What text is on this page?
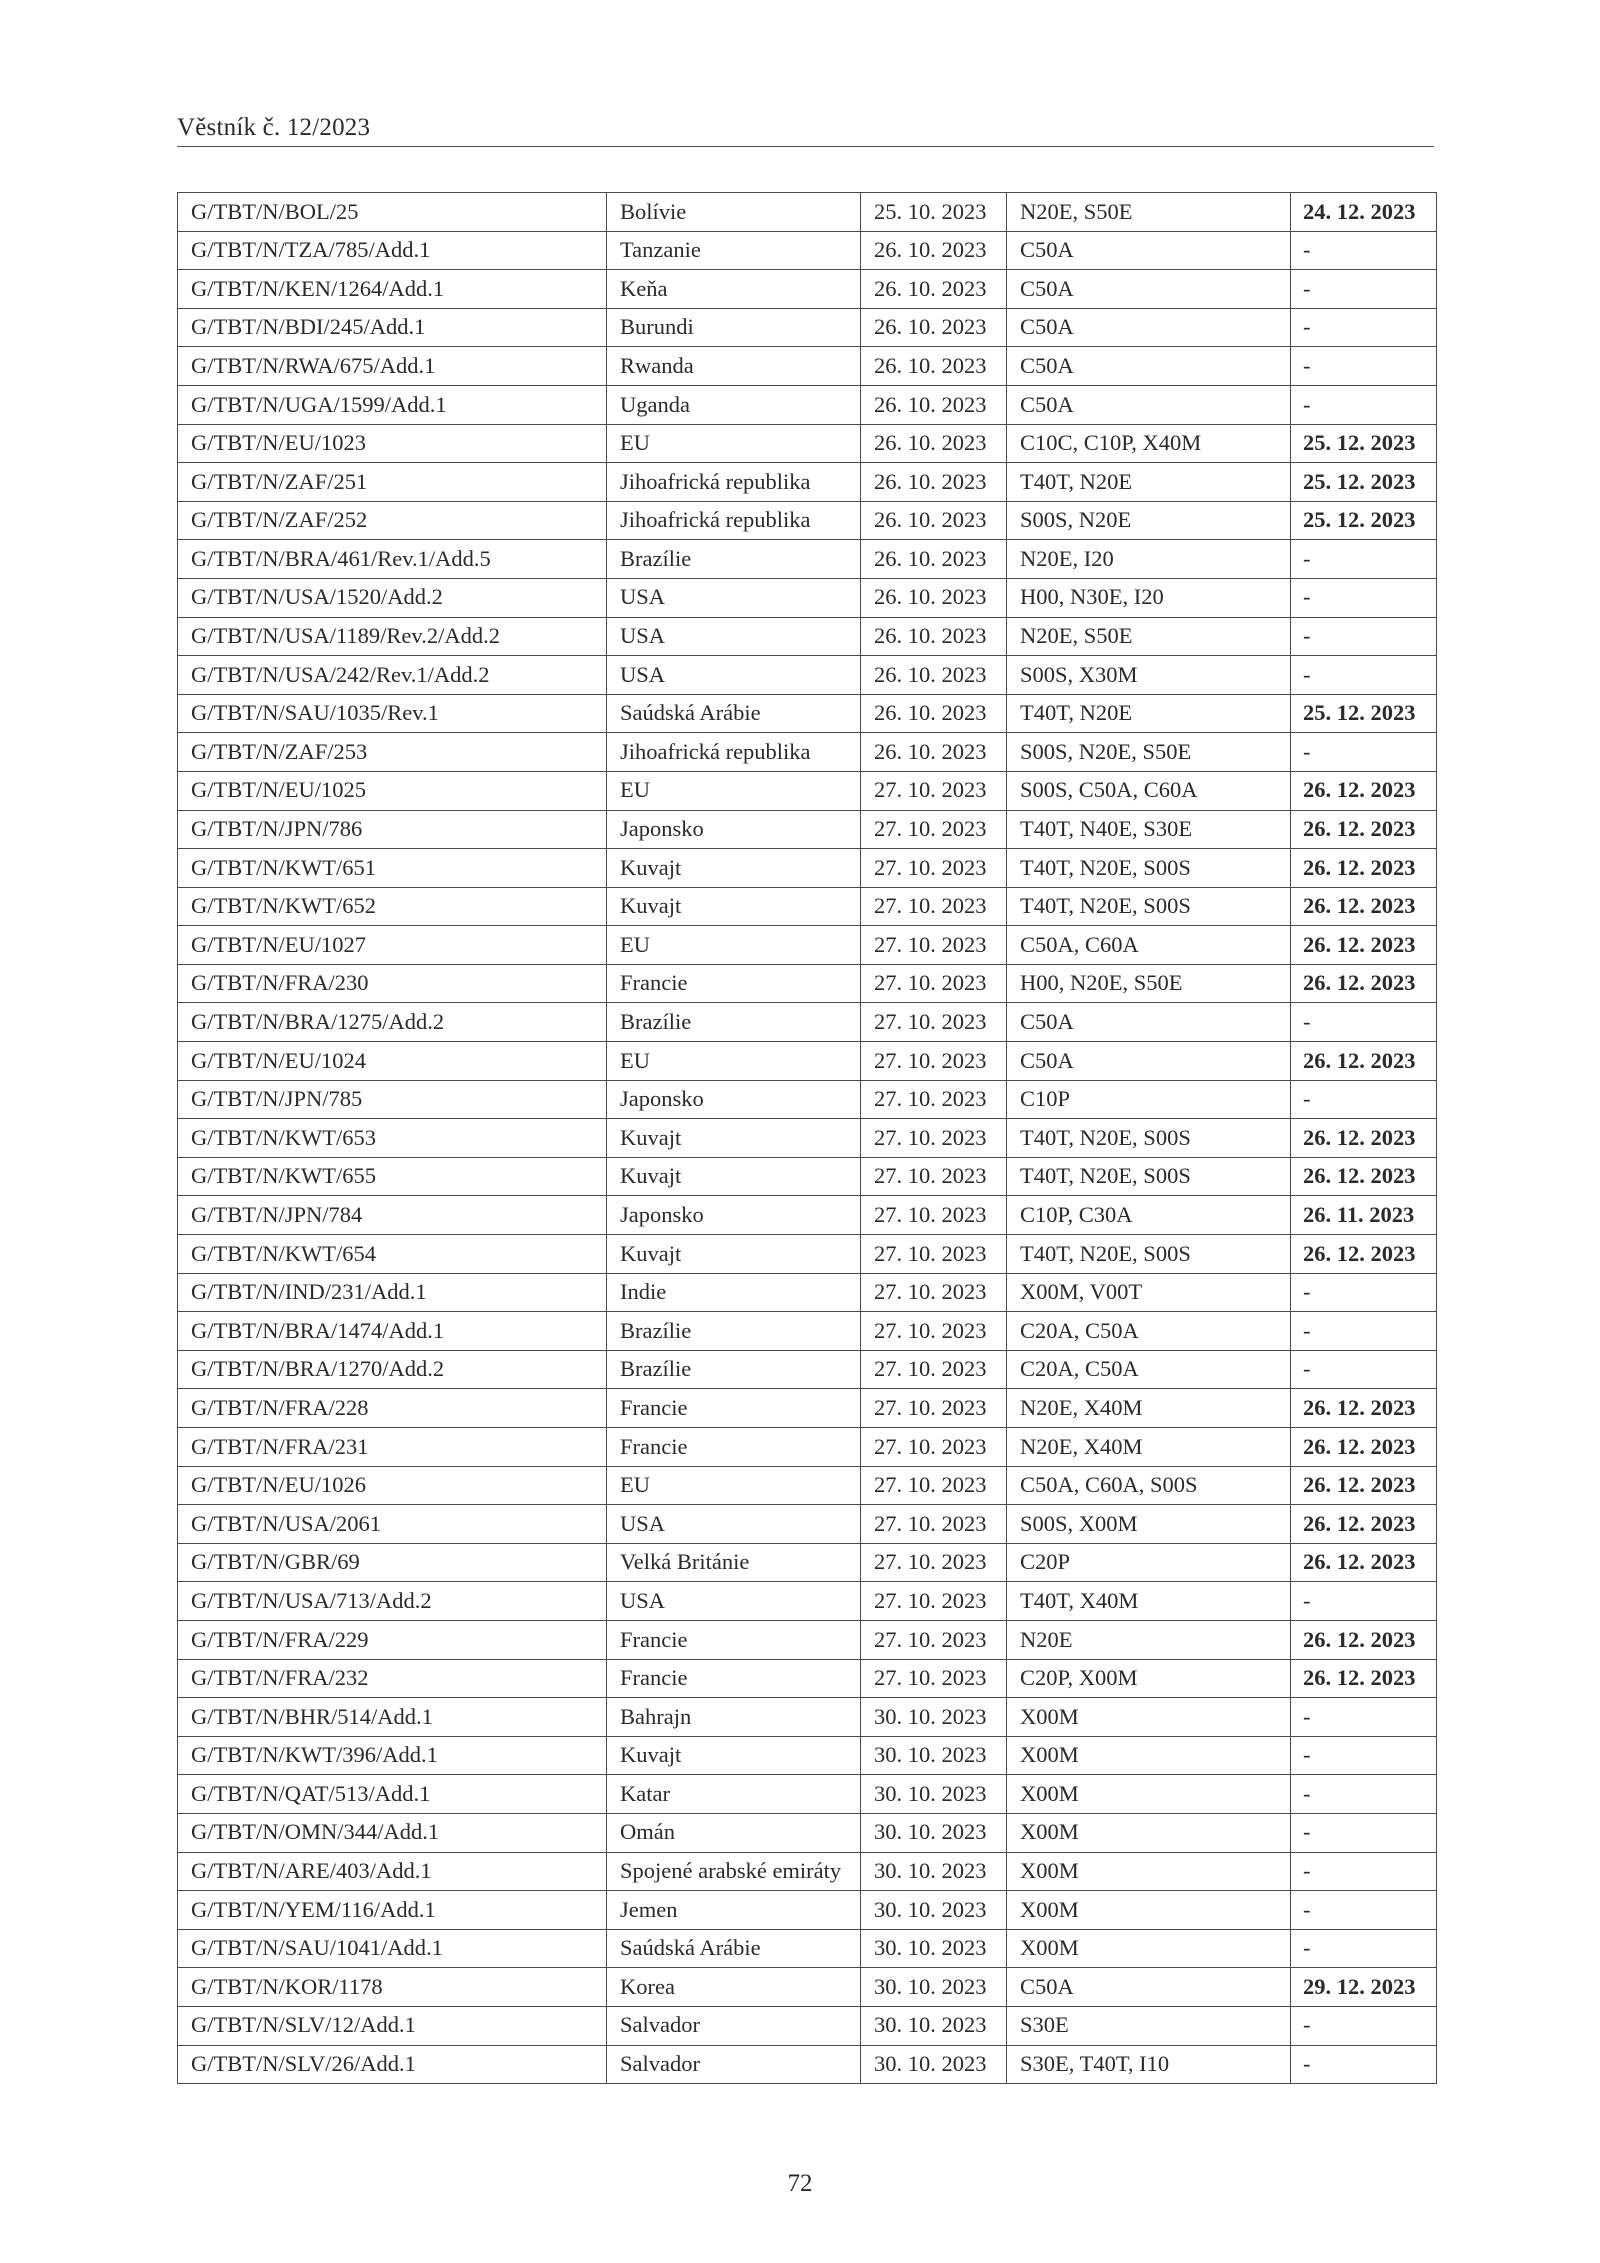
Věstník č. 12/2023
G/TBT/N/BOL/25	Bolívie	25. 10. 2023	N20E, S50E	24. 12. 2023
G/TBT/N/TZA/785/Add.1	Tanzanie	26. 10. 2023	C50A	-
G/TBT/N/KEN/1264/Add.1	Keňa	26. 10. 2023	C50A	-
G/TBT/N/BDI/245/Add.1	Burundi	26. 10. 2023	C50A	-
G/TBT/N/RWA/675/Add.1	Rwanda	26. 10. 2023	C50A	-
G/TBT/N/UGA/1599/Add.1	Uganda	26. 10. 2023	C50A	-
G/TBT/N/EU/1023	EU	26. 10. 2023	C10C, C10P, X40M	25. 12. 2023
G/TBT/N/ZAF/251	Jihoafrická republika	26. 10. 2023	T40T, N20E	25. 12. 2023
G/TBT/N/ZAF/252	Jihoafrická republika	26. 10. 2023	S00S, N20E	25. 12. 2023
G/TBT/N/BRA/461/Rev.1/Add.5	Brazílie	26. 10. 2023	N20E, I20	-
G/TBT/N/USA/1520/Add.2	USA	26. 10. 2023	H00, N30E, I20	-
G/TBT/N/USA/1189/Rev.2/Add.2	USA	26. 10. 2023	N20E, S50E	-
G/TBT/N/USA/242/Rev.1/Add.2	USA	26. 10. 2023	S00S, X30M	-
G/TBT/N/SAU/1035/Rev.1	Saúdská Arábie	26. 10. 2023	T40T, N20E	25. 12. 2023
G/TBT/N/ZAF/253	Jihoafrická republika	26. 10. 2023	S00S, N20E, S50E	-
G/TBT/N/EU/1025	EU	27. 10. 2023	S00S, C50A, C60A	26. 12. 2023
G/TBT/N/JPN/786	Japonsko	27. 10. 2023	T40T, N40E, S30E	26. 12. 2023
G/TBT/N/KWT/651	Kuvajt	27. 10. 2023	T40T, N20E, S00S	26. 12. 2023
G/TBT/N/KWT/652	Kuvajt	27. 10. 2023	T40T, N20E, S00S	26. 12. 2023
G/TBT/N/EU/1027	EU	27. 10. 2023	C50A, C60A	26. 12. 2023
G/TBT/N/FRA/230	Francie	27. 10. 2023	H00, N20E, S50E	26. 12. 2023
G/TBT/N/BRA/1275/Add.2	Brazílie	27. 10. 2023	C50A	-
G/TBT/N/EU/1024	EU	27. 10. 2023	C50A	26. 12. 2023
G/TBT/N/JPN/785	Japonsko	27. 10. 2023	C10P	-
G/TBT/N/KWT/653	Kuvajt	27. 10. 2023	T40T, N20E, S00S	26. 12. 2023
G/TBT/N/KWT/655	Kuvajt	27. 10. 2023	T40T, N20E, S00S	26. 12. 2023
G/TBT/N/JPN/784	Japonsko	27. 10. 2023	C10P, C30A	26. 11. 2023
G/TBT/N/KWT/654	Kuvajt	27. 10. 2023	T40T, N20E, S00S	26. 12. 2023
G/TBT/N/IND/231/Add.1	Indie	27. 10. 2023	X00M, V00T	-
G/TBT/N/BRA/1474/Add.1	Brazílie	27. 10. 2023	C20A, C50A	-
G/TBT/N/BRA/1270/Add.2	Brazílie	27. 10. 2023	C20A, C50A	-
G/TBT/N/FRA/228	Francie	27. 10. 2023	N20E, X40M	26. 12. 2023
G/TBT/N/FRA/231	Francie	27. 10. 2023	N20E, X40M	26. 12. 2023
G/TBT/N/EU/1026	EU	27. 10. 2023	C50A, C60A, S00S	26. 12. 2023
G/TBT/N/USA/2061	USA	27. 10. 2023	S00S, X00M	26. 12. 2023
G/TBT/N/GBR/69	Velká Británie	27. 10. 2023	C20P	26. 12. 2023
G/TBT/N/USA/713/Add.2	USA	27. 10. 2023	T40T, X40M	-
G/TBT/N/FRA/229	Francie	27. 10. 2023	N20E	26. 12. 2023
G/TBT/N/FRA/232	Francie	27. 10. 2023	C20P, X00M	26. 12. 2023
G/TBT/N/BHR/514/Add.1	Bahrajn	30. 10. 2023	X00M	-
G/TBT/N/KWT/396/Add.1	Kuvajt	30. 10. 2023	X00M	-
G/TBT/N/QAT/513/Add.1	Katar	30. 10. 2023	X00M	-
G/TBT/N/OMN/344/Add.1	Omán	30. 10. 2023	X00M	-
G/TBT/N/ARE/403/Add.1	Spojené arabské emiráty	30. 10. 2023	X00M	-
G/TBT/N/YEM/116/Add.1	Jemen	30. 10. 2023	X00M	-
G/TBT/N/SAU/1041/Add.1	Saúdská Arábie	30. 10. 2023	X00M	-
G/TBT/N/KOR/1178	Korea	30. 10. 2023	C50A	29. 12. 2023
G/TBT/N/SLV/12/Add.1	Salvador	30. 10. 2023	S30E	-
G/TBT/N/SLV/26/Add.1	Salvador	30. 10. 2023	S30E, T40T, I10	-
72
